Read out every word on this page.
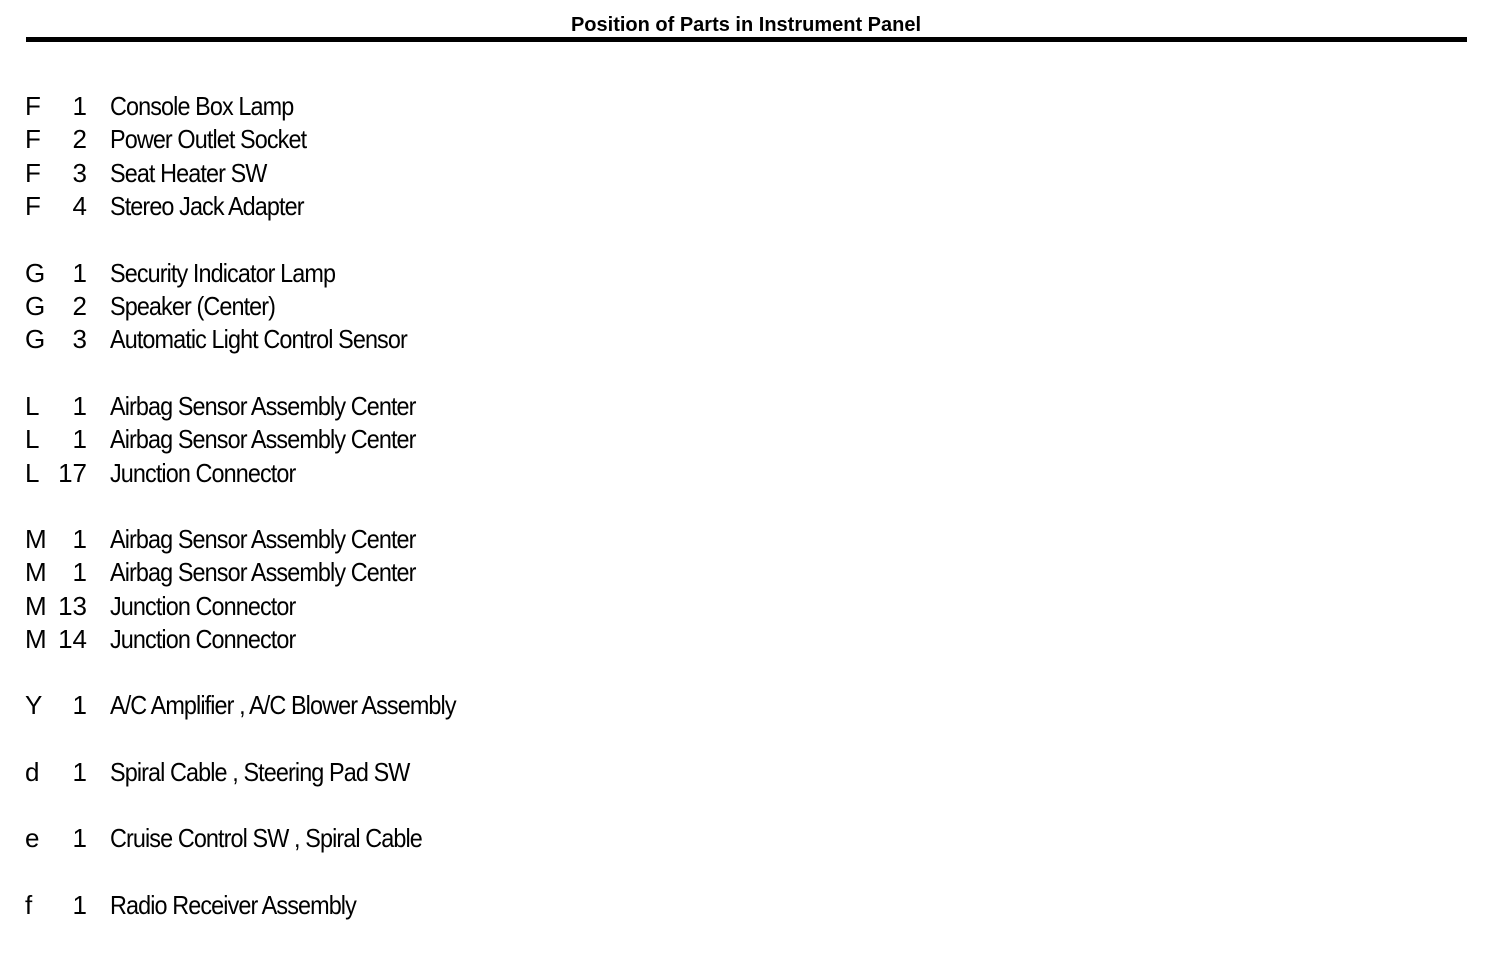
Position of Parts in Instrument Panel
F	1 Console Box Lamp
F	2 Power Outlet Socket
F	3 Seat Heater SW
F	4 Stereo Jack Adapter
G	1 Security Indicator Lamp
G	2 Speaker (Center)
G	3 Automatic Light Control Sensor
L	1 Airbag Sensor Assembly Center
L	1 Airbag Sensor Assembly Center
L 17 Junction Connector
M 1 Airbag Sensor Assembly Center
M 1 Airbag Sensor Assembly Center
M 13 Junction Connector
M 14 Junction Connector
Y	1 A/C Amplifier , A/C Blower Assembly
d	1 Spiral Cable , Steering Pad SW
e	1 Cruise Control SW , Spiral Cable
f	1 Radio Receiver Assembly
